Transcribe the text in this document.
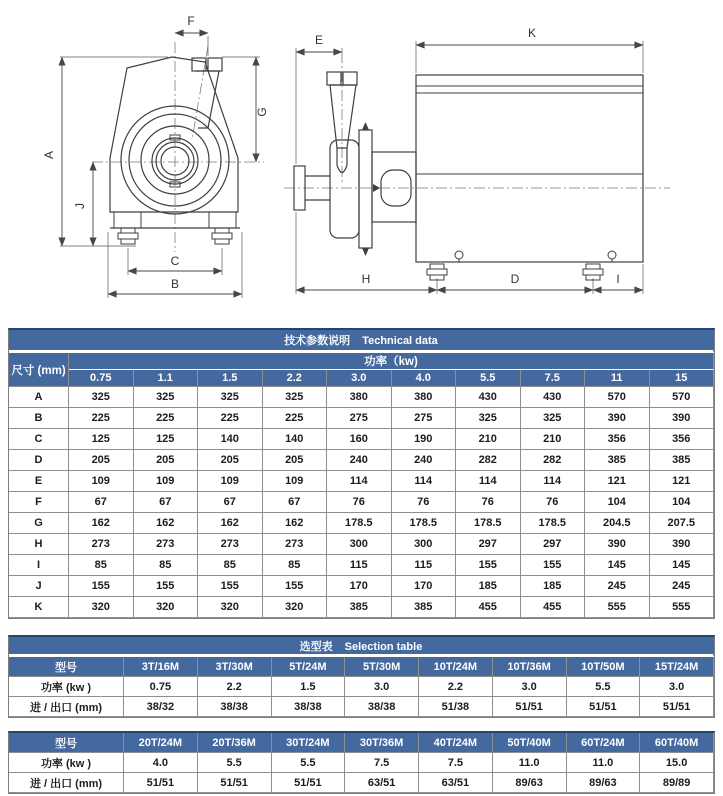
F
A
J
G
C
B
E	K
H	D	I
技术参数说明 Technical data										
尺寸 (mm)	功率（kw)									
	0.75	1.1	1.5	2.2	3.0	4.0	5.5	7.5	11	15
A	325	325	325	325	380	380	430	430	570	570
B	225	225	225	225	275	275	325	325	390	390
C	125	125	140	140	160	190	210	210	356	356
D	205	205	205	205	240	240	282	282	385	385
E	109	109	109	109	114	114	114	114	121	121
F	67	67	67	67	76	76	76	76	104	104
G	162	162	162	162	178.5	178.5	178.5	178.5	204.5	207.5
H	273	273	273	273	300	300	297	297	390	390
I	85	85	85	85	115	115	155	155	145	145
J	155	155	155	155	170	170	185	185	245	245
K	320	320	320	320	385	385	455	455	555	555
选型表 Selection table								
型号	3T/16M	3T/30M	5T/24M	5T/30M	10T/24M	10T/36M	10T/50M	15T/24M
功率 (kw )	0.75	2.2	1.5	3.0	2.2	3.0	5.5	3.0
进 / 出口 (mm)	38/32	38/38	38/38	38/38	51/38	51/51	51/51	51/51
型号	20T/24M	20T/36M	30T/24M	30T/36M	40T/24M	50T/40M	60T/24M	60T/40M
功率 (kw )	4.0	5.5	5.5	7.5	7.5	11.0	11.0	15.0
进 / 出口 (mm)	51/51	51/51	51/51	63/51	63/51	89/63	89/63	89/89
